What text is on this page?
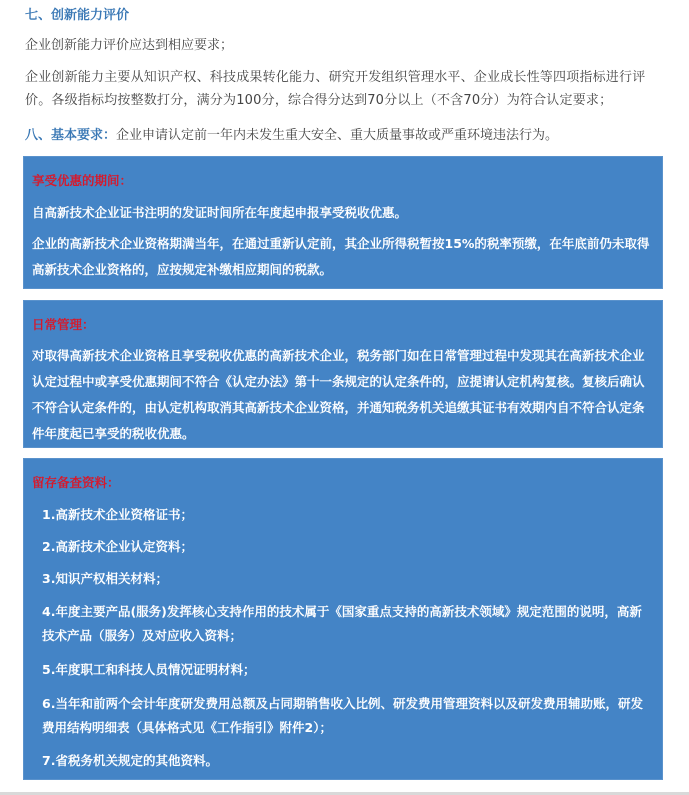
七、创新能力评价
企业创新能力评价应达到相应要求；
企业创新能力主要从知识产权、科技成果转化能力、研究开发组织管理水平、企业成长性等四项指标进行评价。各级指标均按整数打分，满分为100分，综合得分达到70分以上（不含70分）为符合认定要求；
八、基本要求：企业申请认定前一年内未发生重大安全、重大质量事故或严重环境违法行为。
享受优惠的期间：
自高新技术企业证书注明的发证时间所在年度起申报享受税收优惠。
企业的高新技术企业资格期满当年，在通过重新认定前，其企业所得税暂按15%的税率预缴，在年底前仍未取得高新技术企业资格的，应按规定补缴相应期间的税款。
日常管理：
对取得高新技术企业资格且享受税收优惠的高新技术企业，税务部门如在日常管理过程中发现其在高新技术企业认定过程中或享受优惠期间不符合《认定办法》第十一条规定的认定条件的，应提请认定机构复核。复核后确认不符合认定条件的，由认定机构取消其高新技术企业资格，并通知税务机关追缴其证书有效期内自不符合认定条件年度起已享受的税收优惠。
留存备查资料：
1.高新技术企业资格证书；
2.高新技术企业认定资料；
3.知识产权相关材料；
4.年度主要产品(服务)发挥核心支持作用的技术属于《国家重点支持的高新技术领域》规定范围的说明，高新技术产品（服务）及对应收入资料；
5.年度职工和科技人员情况证明材料；
6.当年和前两个会计年度研发费用总额及占同期销售收入比例、研发费用管理资料以及研发费用辅助账，研发费用结构明细表（具体格式见《工作指引》附件2）；
7.省税务机关规定的其他资料。
